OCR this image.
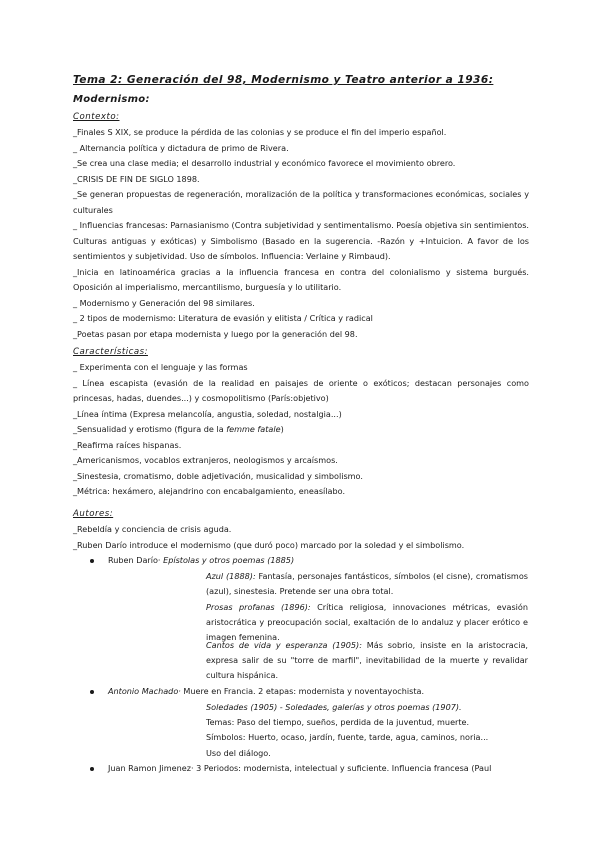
Tema 2: Generación del 98, Modernismo y Teatro anterior a 1936:
Modernismo:
Contexto:
_Finales S XIX, se produce la pérdida de las colonias y se produce el fin del imperio español.
_ Alternancia política y dictadura de primo de Rivera.
_Se crea una clase media; el desarrollo industrial y económico favorece el movimiento obrero.
_CRISIS DE FIN DE SIGLO 1898.
_Se generan propuestas de regeneración, moralización de la política y transformaciones económicas, sociales y culturales
_ Influencias francesas: Parnasianismo (Contra subjetividad y sentimentalismo. Poesía objetiva sin sentimientos. Culturas antiguas y exóticas) y Simbolismo (Basado en la sugerencia. -Razón y +Intuicion. A favor de los sentimientos y subjetividad. Uso de símbolos. Influencia: Verlaine y Rimbaud).
_Inicia en latinoamérica gracias a la influencia francesa en contra del colonialismo y sistema burgués. Oposición al imperialismo, mercantilismo, burguesía y lo utilitario.
_ Modernismo y Generación del 98 similares.
_ 2 tipos de modernismo: Literatura de evasión y elitista / Crítica y radical
_Poetas pasan por etapa modernista y luego por la generación del 98.
Características:
_ Experimenta con el lenguaje y las formas
_ Línea escapista (evasión de la realidad en paisajes de oriente o exóticos; destacan personajes como princesas, hadas, duendes...) y cosmopolitismo (París:objetivo)
_Línea íntima (Expresa melancolía, angustia, soledad, nostalgia...)
_Sensualidad y erotismo (figura de la femme fatale)
_Reafirma raíces hispanas.
_Americanismos, vocablos extranjeros, neologismos y arcaísmos.
_Sinestesia, cromatismo, doble adjetivación, musicalidad y simbolismo.
_Métrica: hexámero, alejandrino con encabalgamiento, eneasílabo.
Autores:
_Rebeldía y conciencia de crisis aguda.
_Ruben Darío introduce el modernismo (que duró poco) marcado por la soledad y el simbolismo.
Ruben Darío· Epístolas y otros poemas (1885)
Azul (1888): Fantasía, personajes fantásticos, símbolos (el cisne), cromatismos (azul), sinestesia. Pretende ser una obra total.
Prosas profanas (1896): Crítica religiosa, innovaciones métricas, evasión aristocrática y preocupación social, exaltación de lo andaluz y placer erótico e imagen femenina.
Cantos de vida y esperanza (1905): Más sobrio, insiste en la aristocracia, expresa salir de su "torre de marfil", inevitabilidad de la muerte y revalidar cultura hispánica.
Antonio Machado· Muere en Francia. 2 etapas: modernista y noventayochista.
Soledades (1905) - Soledades, galerías y otros poemas (1907).
Temas: Paso del tiempo, sueños, perdida de la juventud, muerte.
Símbolos: Huerto, ocaso, jardín, fuente, tarde, agua, caminos, noria...
Uso del diálogo.
Juan Ramon Jimenez· 3 Periodos: modernista, intelectual y suficiente. Influencia francesa (Paul
